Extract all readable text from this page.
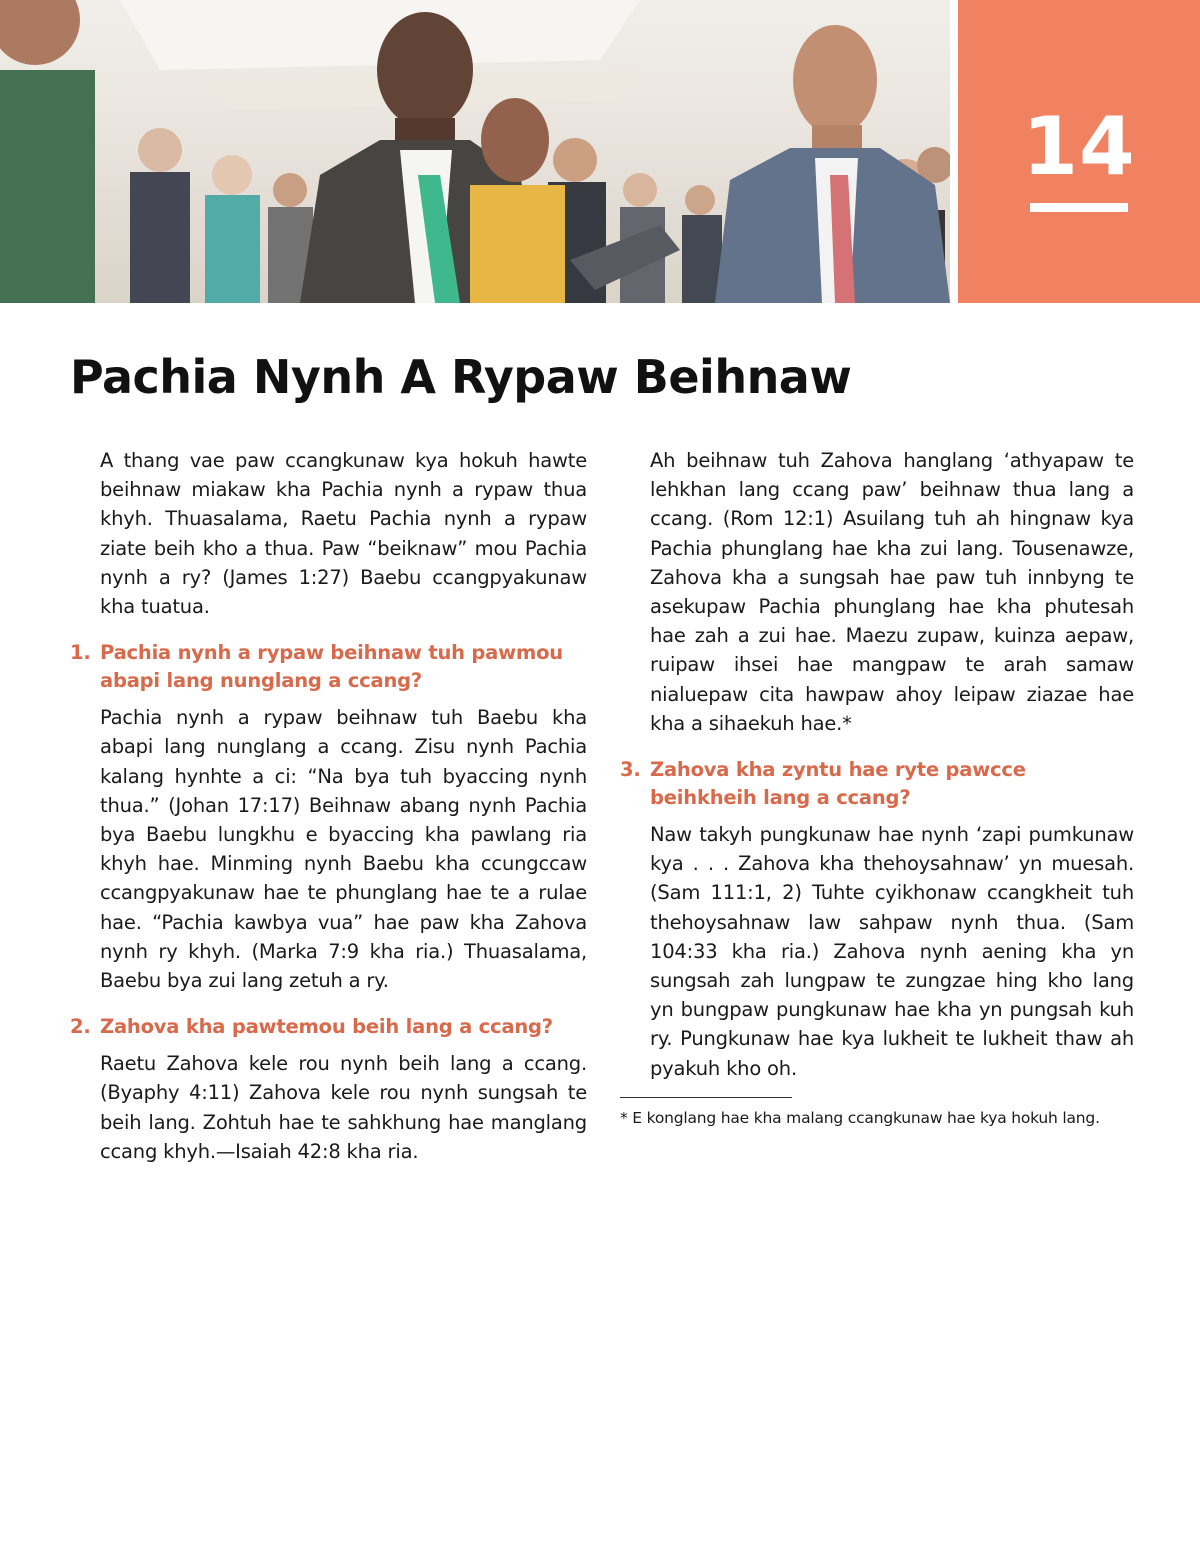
14
Pachia Nynh A Rypaw Beihnaw

A thang vae paw ccangkunaw kya hokuh hawte beihnaw miakaw kha Pachia nynh a rypaw thua khyh. Thuasalama, Raetu Pachia nynh a rypaw ziate beih kho a thua. Paw “beiknaw” mou Pachia nynh a ry? (James 1:27) Baebu ccangpyakunaw kha tuatua.

1. Pachia nynh a rypaw beihnaw tuh pawmou abapi lang nunglang a ccang?

Pachia nynh a rypaw beihnaw tuh Baebu kha abapi lang nunglang a ccang. Zisu nynh Pachia kalang hynhte a ci: “Na bya tuh byaccing nynh thua.” (Johan 17:17) Beihnaw abang nynh Pachia bya Baebu lungkhu e byaccing kha pawlang ria khyh hae. Minming nynh Baebu kha ccungccaw ccangpyakunaw hae te phunglang hae te a rulae hae. “Pachia kawbya vua” hae paw kha Zahova nynh ry khyh. (Marka 7:9 kha ria.) Thuasalama, Baebu bya zui lang zetuh a ry.

2. Zahova kha pawtemou beih lang a ccang?

Raetu Zahova kele rou nynh beih lang a ccang. (Byaphy 4:11) Zahova kele rou nynh sungsah te beih lang. Zohtuh hae te sahkhung hae manglang ccang khyh.—Isaiah 42:8 kha ria.

Ah beihnaw tuh Zahova hanglang ‘athyapaw te lehkhan lang ccang paw’ beihnaw thua lang a ccang. (Rom 12:1) Asuilang tuh ah hingnaw kya Pachia phunglang hae kha zui lang. Tousenawze, Zahova kha a sungsah hae paw tuh innbyng te asekupaw Pachia phunglang hae kha phutesah hae zah a zui hae. Maezu zupaw, kuinza aepaw, ruipaw ihsei hae mangpaw te arah samaw nialuepaw cita hawpaw ahoy leipaw ziazae hae kha a sihaekuh hae.*

3. Zahova kha zyntu hae ryte pawcce beihkheih lang a ccang?

Naw takyh pungkunaw hae nynh ‘zapi pumkunaw kya . . . Zahova kha thehoysahnaw’ yn muesah. (Sam 111:1, 2) Tuhte cyikhonaw ccangkheit tuh thehoysahnaw law sahpaw nynh thua. (Sam 104:33 kha ria.) Zahova nynh aening kha yn sungsah zah lungpaw te zungzae hing kho lang yn bungpaw pungkunaw hae kha yn pungsah kuh ry. Pungkunaw hae kya lukheit te lukheit thaw ah pyakuh kho oh.

* E konglang hae kha malang ccangkunaw hae kya hokuh lang.
